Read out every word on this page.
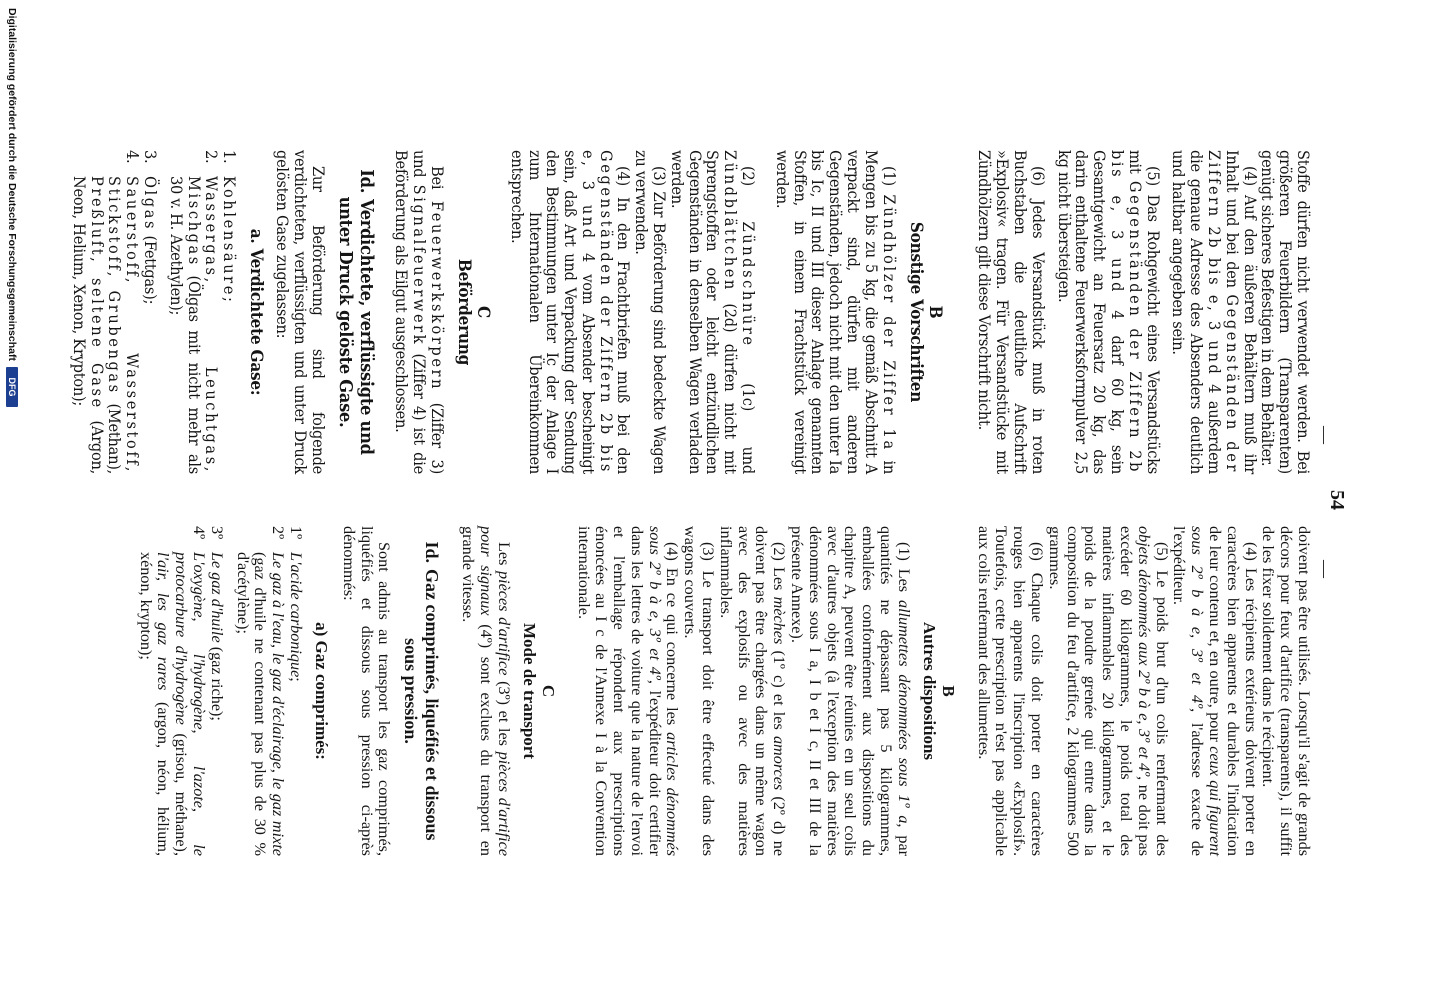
—
54
—

Stoffe dürfen nicht verwendet werden. Bei größeren Feuerbildern (Transparenten) genügt sicheres Befestigen in dem Behälter.

(4) Auf den äußeren Behältern muß ihr Inhalt und bei den Gegenständen der Ziffern 2b bis e, 3 und 4 außerdem die genaue Adresse des Absenders deutlich und haltbar angegeben sein.

(5) Das Rohgewicht eines Versandstücks mit Gegenständen der Ziffern 2b bis e, 3 und 4 darf 60 kg, sein Gesamtgewicht an Feuersatz 20 kg, das darin enthaltene Feuerwerksformpulver 2,5 kg nicht übersteigen.

(6) Jedes Versandstück muß in roten Buchstaben die deutliche Aufschrift »Explosiv« tragen. Für Versandstücke mit Zündhölzern gilt diese Vorschrift nicht.

B
Sonstige Vorschriften

(1) Zündhölzer der Ziffer 1a in Mengen bis zu 5 kg, die gemäß Abschnitt A verpackt sind, dürfen mit anderen Gegenständen, jedoch nicht mit den unter Ia bis Ic, II und III dieser Anlage genannten Stoffen, in einem Frachtstück vereinigt werden.

(2) Zündschnüre (1c) und Zündblättchen (2d) dürfen nicht mit Sprengstoffen oder leicht entzündlichen Gegenständen in denselben Wagen verladen werden.

(3) Zur Beförderung sind bedeckte Wagen zu verwenden.

(4) In den Frachtbriefen muß bei den Gegenständen der Ziffern 2b bis e, 3 und 4 vom Absender bescheinigt sein, daß Art und Verpackung der Sendung den Bestimmungen unter Ic der Anlage I zum Internationalen Übereinkommen entsprechen.

C
Beförderung

Bei Feuerwerkskörpern (Ziffer 3) und Signalfeuerwerk (Ziffer 4) ist die Beförderung als Eilgut ausgeschlossen.

Id.Verdichtete, verflüssigte und unter Druck gelöste Gase.

Zur Beförderung sind folgende verdichteten, verflüssigten und unter Druck gelösten Gase zugelassen:

a. Verdichtete Gase:
1.
Kohlensäure;
2.
Wassergas, Leuchtgas, Mischgas (Ölgas mit nicht mehr als 30 v. H. Azethylen);
3.
Ölgas (Fettgas);
4.
Sauerstoff, Wasserstoff, Stickstoff, Grubengas (Methan), Preßluft, seltene Gase (Argon, Neon, Helium, Xenon, Krypton);

doivent pas être utilisés. Lorsqu'il s'agit de grands décors pour feux d'artifice (transparents), il suffit de les fixer solidement dans le récipient.

(4) Les récipients extérieurs doivent porter en caractères bien apparents et durables l'indication de leur contenu et, en outre, pour ceux qui figurent sous 2º b à e, 3º et 4º, l'adresse exacte de l'expéditeur.

(5) Le poids brut d'un colis renfermant des objets dénommés aux 2º b à e, 3º et 4º, ne doit pas excéder 60 kilogrammes, le poids total des matières inflammables 20 kilogrammes, et le poids de la poudre grenée qui entre dans la composition du feu d'artifice, 2 kilogrammes 500 grammes.

(6) Chaque colis doit porter en caractères rouges bien apparents l'inscription «Explosif». Toutefois, cette prescription n'est pas applicable aux colis renfermant des allumettes.

B
Autres dispositions

(1) Les allumettes dénommées sous 1º a, par quantités ne dépassant pas 5 kilogrammes, emballées conformément aux dispositions du chapitre A, peuvent être réunies en un seul colis avec d'autres objets (à l'exception des matières dénommées sous I a, I b et I c, II et III de la présente Annexe).

(2) Les mèches (1º c) et les amorces (2º d) ne doivent pas être chargées dans un même wagon avec des explosifs ou avec des matières inflammables.

(3) Le transport doit être effectué dans des wagons couverts.

(4) En ce qui concerne les articles dénommés sous 2º b à e, 3º et 4º, l'expéditeur doit certifier dans les lettres de voiture que la nature de l'envoi et l'emballage répondent aux prescriptions énoncées au I c de l'Annexe I à la Convention internationale.

C
Mode de transport

Les pièces d'artifice (3º) et les pièces d'artifice pour signaux (4º) sont exclues du transport en grande vitesse.

Id.Gaz comprimés, liquéfiés et dissous sous pression.

Sont admis au transport les gaz comprimés, liquéfiés et dissous sous pression ci-après dénommés:

a) Gaz comprimés:
1º
L'acide carbonique;
2º
Le gaz à l'eau, le gaz d'éclairage, le gaz mixte (gaz d'huile ne contenant pas plus de 30 % d'acétylène);
3º
Le gaz d'huile (gaz riche);
4º
L'oxygène, l'hydrogène, l'azote, le protocarbure d'hydrogène (grisou, méthane), l'air, les gaz rares (argon, néon, hélium, xénon, krypton);
Digitalisierung gefördert durch die Deutsche Forschungsgemeinschaft
DFG
